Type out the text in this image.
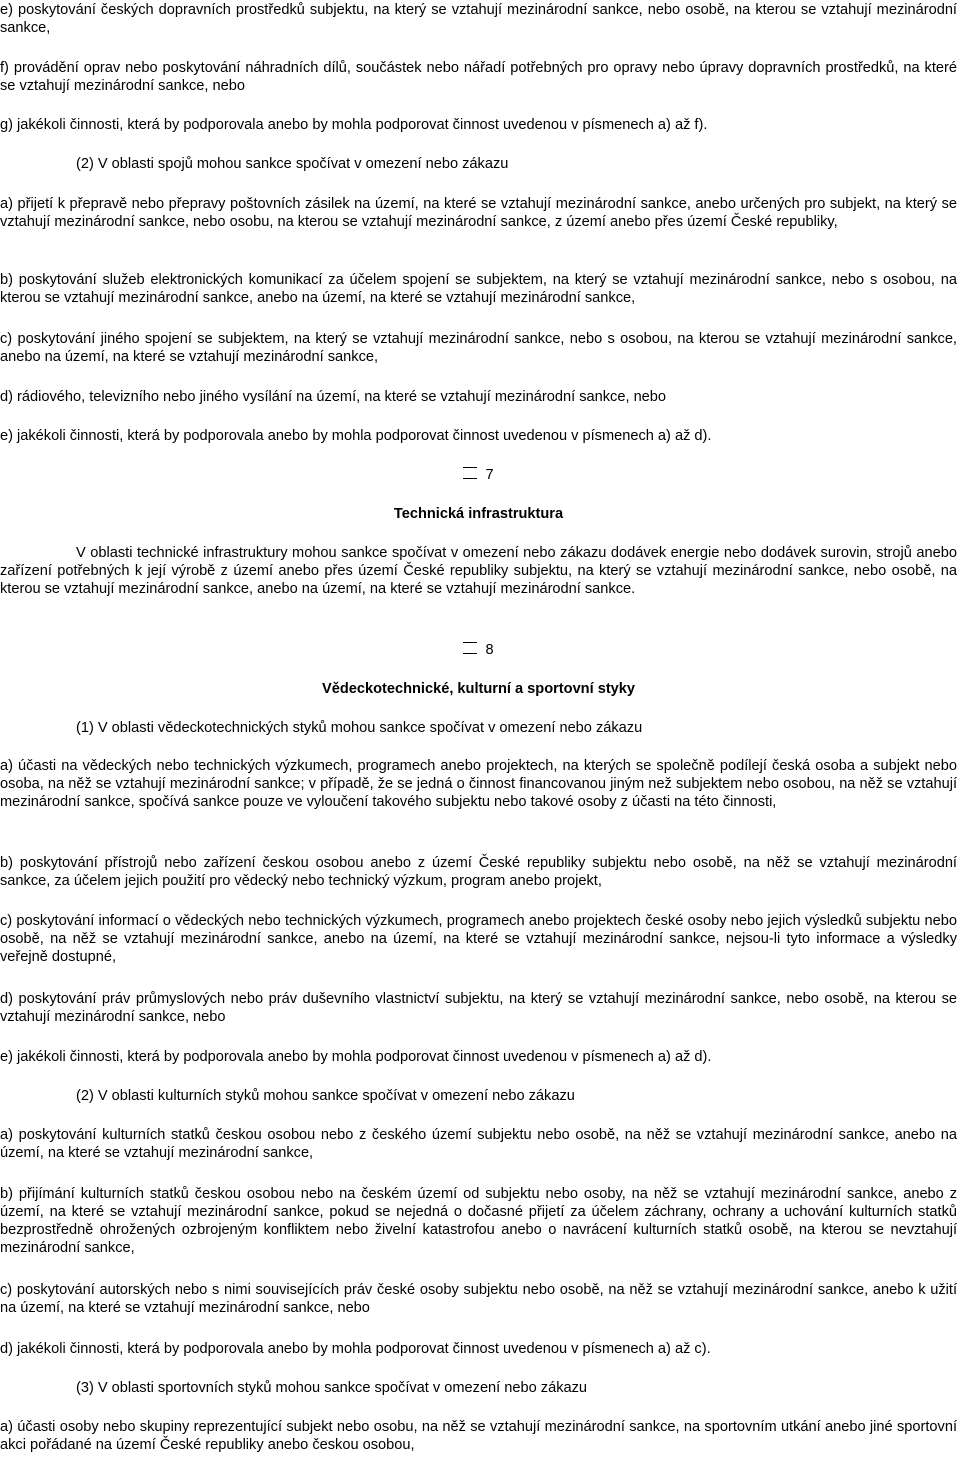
e) poskytování českých dopravních prostředků subjektu, na který se vztahují mezinárodní sankce, nebo osobě, na kterou se vztahují mezinárodní sankce,

f) provádění oprav nebo poskytování náhradních dílů, součástek nebo nářadí potřebných pro opravy nebo úpravy dopravních prostředků, na které se vztahují mezinárodní sankce, nebo

g) jakékoli činnosti, která by podporovala anebo by mohla podporovat činnost uvedenou v písmenech a) až f).

(2) V oblasti spojů mohou sankce spočívat v omezení nebo zákazu

a) přijetí k přepravě nebo přepravy poštovních zásilek na území, na které se vztahují mezinárodní sankce, anebo určených pro subjekt, na který se vztahují mezinárodní sankce, nebo osobu, na kterou se vztahují mezinárodní sankce, z území anebo přes území České republiky,

b) poskytování služeb elektronických komunikací za účelem spojení se subjektem, na který se vztahují mezinárodní sankce, nebo s osobou, na kterou se vztahují mezinárodní sankce, anebo na území, na které se vztahují mezinárodní sankce,

c) poskytování jiného spojení se subjektem, na který se vztahují mezinárodní sankce, nebo s osobou, na kterou se vztahují mezinárodní sankce, anebo na území, na které se vztahují mezinárodní sankce,

d) rádiového, televizního nebo jiného vysílání na území, na které se vztahují mezinárodní sankce, nebo

e) jakékoli činnosti, která by podporovala anebo by mohla podporovat činnost uvedenou v písmenech a) až d).

7
Technická infrastruktura

V oblasti technické infrastruktury mohou sankce spočívat v omezení nebo zákazu dodávek energie nebo dodávek surovin, strojů anebo zařízení potřebných k její výrobě z území anebo přes území České republiky subjektu, na který se vztahují mezinárodní sankce, nebo osobě, na kterou se vztahují mezinárodní sankce, anebo na území, na které se vztahují mezinárodní sankce.

8
Vědeckotechnické, kulturní a sportovní styky

(1) V oblasti vědeckotechnických styků mohou sankce spočívat v omezení nebo zákazu

a) účasti na vědeckých nebo technických výzkumech, programech anebo projektech, na kterých se společně podílejí česká osoba a subjekt nebo osoba, na něž se vztahují mezinárodní sankce; v případě, že se jedná o činnost financovanou jiným než subjektem nebo osobou, na něž se vztahují mezinárodní sankce, spočívá sankce pouze ve vyloučení takového subjektu nebo takové osoby z účasti na této činnosti,

b) poskytování přístrojů nebo zařízení českou osobou anebo z území České republiky subjektu nebo osobě, na něž se vztahují mezinárodní sankce, za účelem jejich použití pro vědecký nebo technický výzkum, program anebo projekt,

c) poskytování informací o vědeckých nebo technických výzkumech, programech anebo projektech české osoby nebo jejich výsledků subjektu nebo osobě, na něž se vztahují mezinárodní sankce, anebo na území, na které se vztahují mezinárodní sankce, nejsou-li tyto informace a výsledky veřejně dostupné,

d) poskytování práv průmyslových nebo práv duševního vlastnictví subjektu, na který se vztahují mezinárodní sankce, nebo osobě, na kterou se vztahují mezinárodní sankce, nebo

e) jakékoli činnosti, která by podporovala anebo by mohla podporovat činnost uvedenou v písmenech a) až d).

(2) V oblasti kulturních styků mohou sankce spočívat v omezení nebo zákazu

a) poskytování kulturních statků českou osobou nebo z českého území subjektu nebo osobě, na něž se vztahují mezinárodní sankce, anebo na území, na které se vztahují mezinárodní sankce,

b) přijímání kulturních statků českou osobou nebo na českém území od subjektu nebo osoby, na něž se vztahují mezinárodní sankce, anebo z území, na které se vztahují mezinárodní sankce, pokud se nejedná o dočasné přijetí za účelem záchrany, ochrany a uchování kulturních statků bezprostředně ohrožených ozbrojeným konfliktem nebo živelní katastrofou anebo o navrácení kulturních statků osobě, na kterou se nevztahují mezinárodní sankce,

c) poskytování autorských nebo s nimi souvisejících práv české osoby subjektu nebo osobě, na něž se vztahují mezinárodní sankce, anebo k užití na území, na které se vztahují mezinárodní sankce, nebo

d) jakékoli činnosti, která by podporovala anebo by mohla podporovat činnost uvedenou v písmenech a) až c).

(3) V oblasti sportovních styků mohou sankce spočívat v omezení nebo zákazu

a) účasti osoby nebo skupiny reprezentující subjekt nebo osobu, na něž se vztahují mezinárodní sankce, na sportovním utkání anebo jiné sportovní akci pořádané na území České republiky anebo českou osobou,
